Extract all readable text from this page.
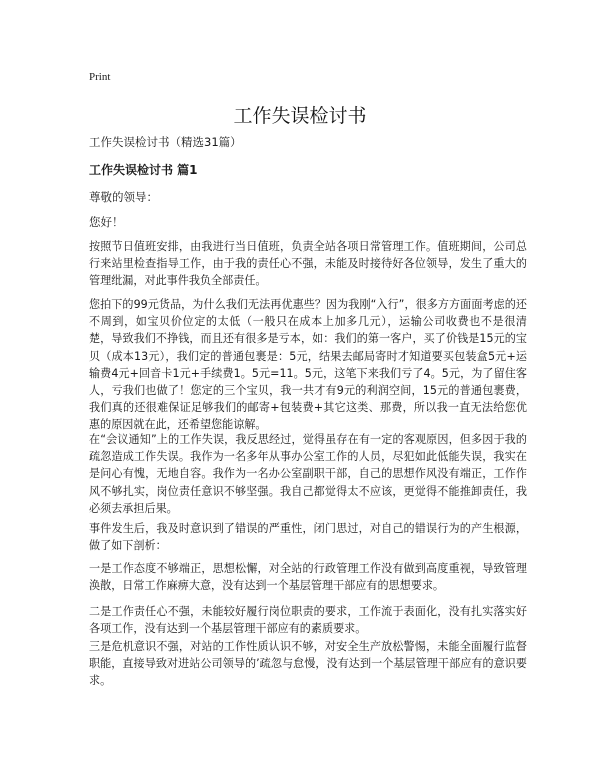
Print
工作失误检讨书
工作失误检讨书（精选31篇）
工作失误检讨书 篇1
尊敬的领导：
您好！

按照节日值班安排，由我进行当日值班，负责全站各项日常管理工作。值班期间，公司总行来站里检查指导工作，由于我的责任心不强，未能及时接待好各位领导，发生了重大的管理纰漏，对此事件我负全部责任。

您拍下的99元货品，为什么我们无法再优惠些？因为我刚“入行”，很多方方面面考虑的还不周到，如宝贝价位定的太低（一般只在成本上加多几元），运输公司收费也不是很清楚，导致我们不挣钱，而且还有很多是亏本，如：我们的第一客户，买了价钱是15元的宝贝（成本13元），我们定的普通包裹是：5元，结果去邮局寄时才知道要买包装盒5元+运输费4元+回音卡1元+手续费1。5元=11。5元，这笔下来我们亏了4。5元，为了留住客人，亏我们也做了！您定的三个宝贝，我一共才有9元的利润空间，15元的普通包裹费，我们真的还很难保证足够我们的邮寄+包装费+其它这类、那费，所以我一直无法给您优惠的原因就在此，还希望您能谅解。

在“会议通知”上的工作失误，我反思经过，觉得虽存在有一定的客观原因，但多因于我的疏忽造成工作失误。我作为一名多年从事办公室工作的人员，尽犯如此低能失误，我实在是问心有愧，无地自容。我作为一名办公室副职干部，自己的思想作风没有端正，工作作风不够扎实，岗位责任意识不够坚强。我自己都觉得太不应该，更觉得不能推卸责任，我必须去承担后果。

事件发生后，我及时意识到了错误的严重性，闭门思过，对自己的错误行为的产生根源，做了如下剖析：

一是工作态度不够端正，思想松懈，对全站的行政管理工作没有做到高度重视，导致管理涣散，日常工作麻痹大意，没有达到一个基层管理干部应有的思想要求。

二是工作责任心不强，未能较好履行岗位职责的要求，工作流于表面化，没有扎实落实好各项工作，没有达到一个基层管理干部应有的素质要求。

三是危机意识不强，对站的工作性质认识不够，对安全生产放松警惕，未能全面履行监督职能，直接导致对进站公司领导的’疏忽与怠慢，没有达到一个基层管理干部应有的意识要求。
